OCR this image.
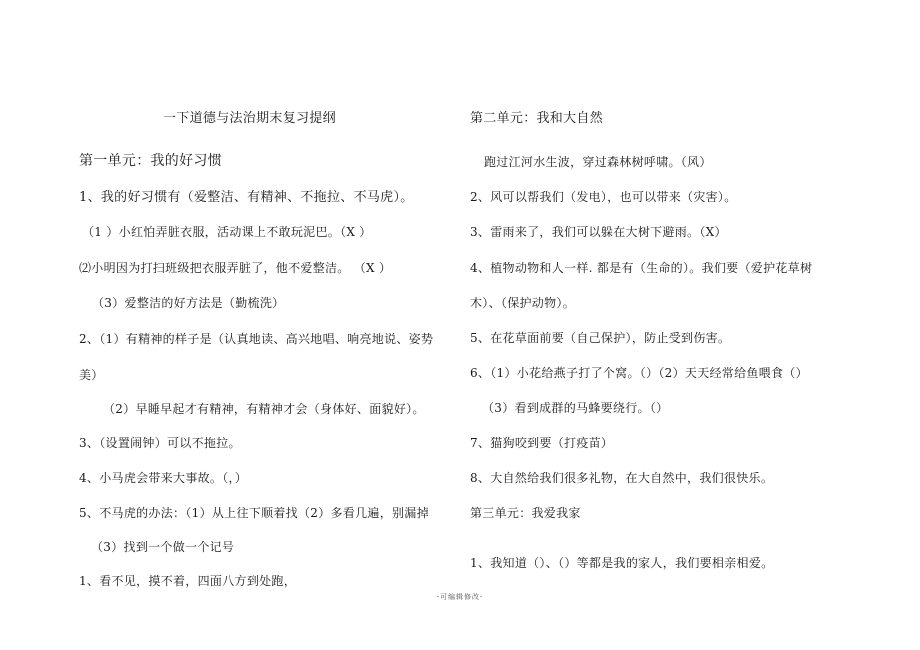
一下道德与法治期末复习提纲
第一单元：我的好习惯
1、我的好习惯有（爱整洁、有精神、不拖拉、不马虎）。
（1 ）小红怕弄脏衣服，活动课上不敢玩泥巴。（X ）
⑵小明因为打扫班级把衣服弄脏了，他不爱整洁。 （X ）
（3）爱整洁的好方法是（勤梳洗）
2、（1）有精神的样子是（认真地读、高兴地唱、响亮地说、姿势
美）
（2）早睡早起才有精神，有精神才会（身体好、面貌好）。
3、（设置闹钟）可以不拖拉。
4、小马虎会带来大事故。（，）
5、不马虎的办法：（1）从上往下顺着找（2）多看几遍，别漏掉
（3）找到一个做一个记号
1、看不见，摸不着，四面八方到处跑，
第二单元：我和大自然
跑过江河水生波，穿过森林树呼啸。（风）
2、风可以帮我们（发电），也可以带来（灾害）。
3、雷雨来了，我们可以躲在大树下避雨。（X）
4、植物动物和人一样. 都是有（生命的）。我们要（爱护花草树
木）、（保护动物）。
5、在花草面前要（自己保护），防止受到伤害。
6、（1）小花给燕子打了个窝。（）（2）天天经常给鱼喂食（）
（3）看到成群的马蜂要绕行。（）
7、猫狗咬到要（打疫苗）
8、大自然给我们很多礼物，在大自然中，我们很快乐。
第三单元：我爱我家
1、我知道（）、（）等都是我的家人，我们要相亲相爱。
-可编辑修改-
